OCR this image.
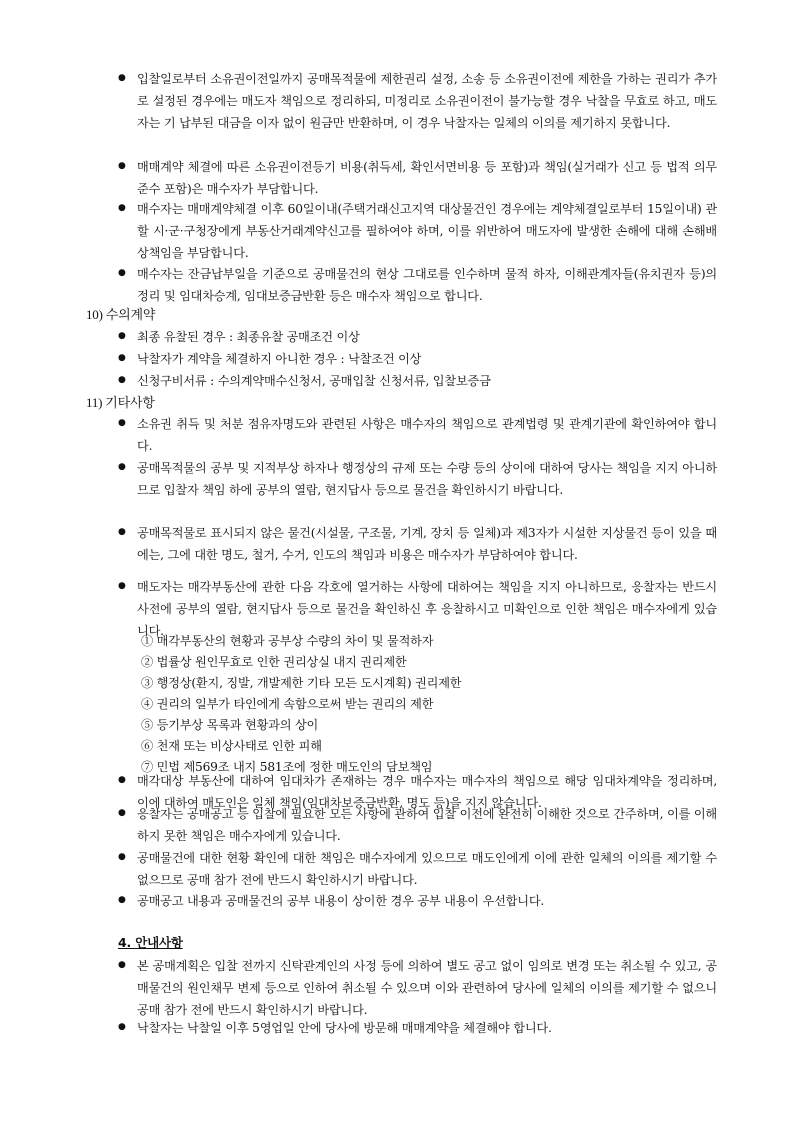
● 입찰일로부터 소유권이전일까지 공매목적물에 제한권리 설정, 소송 등 소유권이전에 제한을 가하는 권리가 추가로 설정된 경우에는 매도자 책임으로 정리하되, 미정리로 소유권이전이 불가능할 경우 낙찰을 무효로 하고, 매도자는 기 납부된 대금을 이자 없이 원금만 반환하며, 이 경우 낙찰자는 일체의 이의를 제기하지 못합니다.
● 매매계약 체결에 따른 소유권이전등기 비용(취득세, 확인서면비용 등 포함)과 책임(실거래가 신고 등 법적 의무 준수 포함)은 매수자가 부담합니다.
● 매수자는 매매계약체결 이후 60일이내(주택거래신고지역 대상물건인 경우에는 계약체결일로부터 15일이내) 관할 시·군·구청장에게 부동산거래계약신고를 필하여야 하며, 이를 위반하여 매도자에 발생한 손해에 대해 손해배상책임을 부담합니다.
● 매수자는 잔금납부일을 기준으로 공매물건의 현상 그대로를 인수하며 물적 하자, 이해관계자들(유치권자 등)의 정리 및 임대차승계, 임대보증금반환 등은 매수자 책임으로 합니다.
10) 수의계약
● 최종 유찰된 경우 : 최종유찰 공매조건 이상
● 낙찰자가 계약을 체결하지 아니한 경우 : 낙찰조건 이상
● 신청구비서류 : 수의계약매수신청서, 공매입찰 신청서류, 입찰보증금
11) 기타사항
● 소유권 취득 및 처분 점유자명도와 관련된 사항은 매수자의 책임으로 관계법령 및 관계기관에 확인하여야 합니다.
● 공매목적물의 공부 및 지적부상 하자나 행정상의 규제 또는 수량 등의 상이에 대하여 당사는 책임을 지지 아니하므로 입찰자 책임 하에 공부의 열람, 현지답사 등으로 물건을 확인하시기 바랍니다.
● 공매목적물로 표시되지 않은 물건(시설물, 구조물, 기계, 장치 등 일체)과 제3자가 시설한 지상물건 등이 있을 때에는, 그에 대한 명도, 철거, 수거, 인도의 책임과 비용은 매수자가 부담하여야 합니다.
● 매도자는 매각부동산에 관한 다음 각호에 열거하는 사항에 대하여는 책임을 지지 아니하므로, 응찰자는 반드시 사전에 공부의 열람, 현지답사 등으로 물건을 확인하신 후 응찰하시고 미확인으로 인한 책임은 매수자에게 있습니다.
① 매각부동산의 현황과 공부상 수량의 차이 및 물적하자
② 법률상 원인무효로 인한 권리상실 내지 권리제한
③ 행정상(환지, 징발, 개발제한 기타 모든 도시계획) 권리제한
④ 권리의 일부가 타인에게 속함으로써 받는 권리의 제한
⑤ 등기부상 목록과 현황과의 상이
⑥ 천재 또는 비상사태로 인한 피해
⑦ 민법 제569조 내지 581조에 정한 매도인의 담보책임
● 매각대상 부동산에 대하여 임대차가 존재하는 경우 매수자는 매수자의 책임으로 해당 임대차계약을 정리하며, 이에 대하여 매도인은 일체 책임(임대차보증금반환, 명도 등)을 지지 않습니다.
● 응찰자는 공매공고 등 입찰에 필요한 모든 사항에 관하여 입찰 이전에 완전히 이해한 것으로 간주하며, 이를 이해하지 못한 책임은 매수자에게 있습니다.
● 공매물건에 대한 현황 확인에 대한 책임은 매수자에게 있으므로 매도인에게 이에 관한 일체의 이의를 제기할 수 없으므로 공매 참가 전에 반드시 확인하시기 바랍니다.
● 공매공고 내용과 공매물건의 공부 내용이 상이한 경우 공부 내용이 우선합니다.
4. 안내사항
● 본 공매계획은 입찰 전까지 신탁관계인의 사정 등에 의하여 별도 공고 없이 임의로 변경 또는 취소될 수 있고, 공매물건의 원인채무 변제 등으로 인하여 취소될 수 있으며 이와 관련하여 당사에 일체의 이의를 제기할 수 없으니 공매 참가 전에 반드시 확인하시기 바랍니다.
● 낙찰자는 낙찰일 이후 5영업일 안에 당사에 방문해 매매계약을 체결해야 합니다.
